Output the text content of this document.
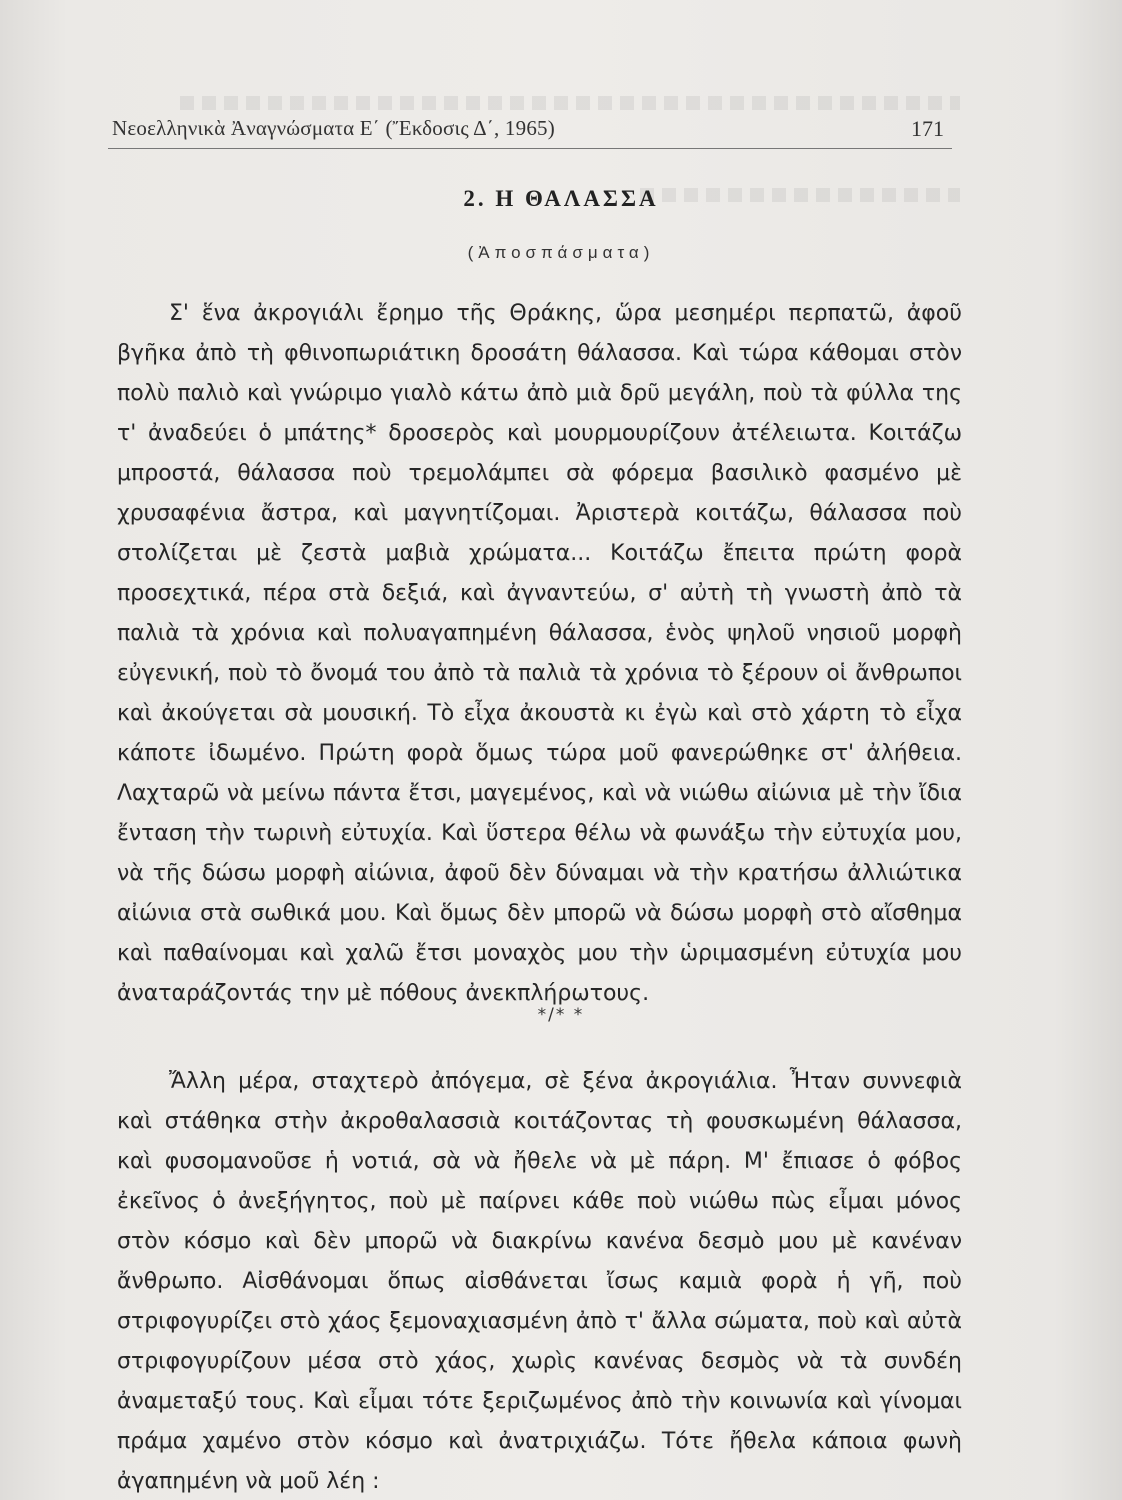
Νεοελληνικὰ Ἀναγνώσματα Ε΄ (Ἔκδοσις Δ΄, 1965)	171
2. Η ΘΑΛΑΣΣΑ
(Ἀποσπάσματα)
Σ' ἕνα ἀκρογιάλι ἔρημο τῆς Θράκης, ὥρα μεσημέρι περπατῶ, ἀφοῦ βγῆκα ἀπὸ τὴ φθινοπωριάτικη δροσάτη θάλασσα. Καὶ τώρα κάθομαι στὸν πολὺ παλιὸ καὶ γνώριμο γιαλὸ κάτω ἀπὸ μιὰ δρῦ μεγάλη, ποὺ τὰ φύλλα της τ' ἀναδεύει ὁ μπάτης* δροσερὸς καὶ μουρμουρίζουν ἀτέλειωτα. Κοιτάζω μπροστά, θάλασσα ποὺ τρεμολάμπει σὰ φόρεμα βασιλικὸ φασμένο μὲ χρυσαφένια ἄστρα, καὶ μαγνητίζομαι. Ἀριστερὰ κοιτάζω, θάλασσα ποὺ στολίζεται μὲ ζεστὰ μαβιὰ χρώματα... Κοιτάζω ἔπειτα πρώτη φορὰ προσεχτικά, πέρα στὰ δεξιά, καὶ ἀγναντεύω, σ' αὐτὴ τὴ γνωστὴ ἀπὸ τὰ παλιὰ τὰ χρόνια καὶ πολυαγαπημένη θάλασσα, ἑνὸς ψηλοῦ νησιοῦ μορφὴ εὐγενική, ποὺ τὸ ὄνομά του ἀπὸ τὰ παλιὰ τὰ χρόνια τὸ ξέρουν οἱ ἄνθρωποι καὶ ἀκούγεται σὰ μουσική. Τὸ εἶχα ἀκουστὰ κι ἐγὼ καὶ στὸ χάρτη τὸ εἶχα κάποτε ἰδωμένο. Πρώτη φορὰ ὅμως τώρα μοῦ φανερώθηκε στ' ἀλήθεια. Λαχταρῶ νὰ μείνω πάντα ἔτσι, μαγεμένος, καὶ νὰ νιώθω αἰώνια μὲ τὴν ἴδια ἔνταση τὴν τωρινὴ εὐτυχία. Καὶ ὕστερα θέλω νὰ φωνάξω τὴν εὐτυχία μου, νὰ τῆς δώσω μορφὴ αἰώνια, ἀφοῦ δὲν δύναμαι νὰ τὴν κρατήσω ἀλλιώτικα αἰώνια στὰ σωθικά μου. Καὶ ὅμως δὲν μπορῶ νὰ δώσω μορφὴ στὸ αἴσθημα καὶ παθαίνομαι καὶ χαλῶ ἔτσι μοναχὸς μου τὴν ὡριμασμένη εὐτυχία μου ἀναταράζοντάς την μὲ πόθους ἀνεκπλήρωτους.
*/* *
Ἄλλη μέρα, σταχτερὸ ἀπόγεμα, σὲ ξένα ἀκρογιάλια. Ἦταν συννεφιὰ καὶ στάθηκα στὴν ἀκροθαλασσιὰ κοιτάζοντας τὴ φουσκωμένη θάλασσα, καὶ φυσομανοῦσε ἡ νοτιά, σὰ νὰ ἤθελε νὰ μὲ πάρη. Μ' ἔπιασε ὁ φόβος ἐκεῖνος ὁ ἀνεξήγητος, ποὺ μὲ παίρνει κάθε ποὺ νιώθω πὼς εἶμαι μόνος στὸν κόσμο καὶ δὲν μπορῶ νὰ διακρίνω κανένα δεσμὸ μου μὲ κανέναν ἄνθρωπο. Αἰσθάνομαι ὅπως αἰσθάνεται ἴσως καμιὰ φορὰ ἡ γῆ, ποὺ στριφογυρίζει στὸ χάος ξεμοναχιασμένη ἀπὸ τ' ἄλλα σώματα, ποὺ καὶ αὐτὰ στριφογυρίζουν μέσα στὸ χάος, χωρὶς κανένας δεσμὸς νὰ τὰ συνδέη ἀναμεταξύ τους. Καὶ εἶμαι τότε ξεριζωμένος ἀπὸ τὴν κοινωνία καὶ γίνομαι πράμα χαμένο στὸν κόσμο καὶ ἀνατριχιάζω. Τότε ἤθελα κάποια φωνὴ ἀγαπημένη νὰ μοῦ λέη :
